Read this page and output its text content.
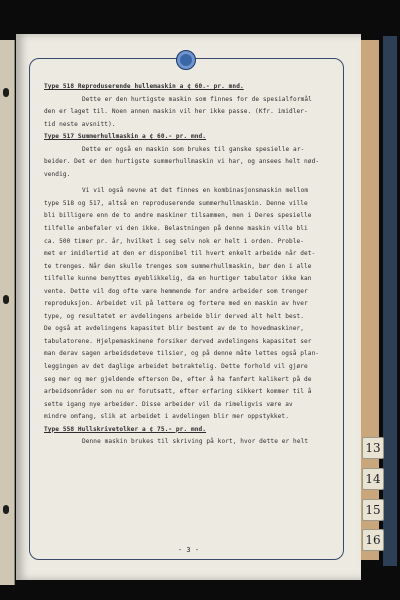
Type 518 Reproduserende hullemaskin a ¢ 60.- pr. mnd.

Dette er den hurtigste maskin som finnes for de spesialformål

den er laget til. Noen annen maskin vil her ikke passe. (Kfr. imidler-

tid neste avsnitt).

Type 517 Summerhullmaskin a ¢ 60.- pr. mnd.

Dette er også en maskin som brukes til ganske spesielle ar-

beider. Det er den hurtigste summerhullmaskin vi har, og ansees helt nød-

vendig.

Vi vil også nevne at det finnes en kombinasjonsmaskin mellom

type 518 og 517, altså en reproduserende summerhullmaskin. Denne ville

bli billigere enn de to andre maskiner tilsammen, men i Deres spesielle

tilfelle anbefaler vi den ikke. Belastningen på denne maskin ville bli

ca. 500 timer pr. år, hvilket i seg selv nok er helt i orden. Proble-

met er imidlertid at den er disponibel til hvert enkelt arbeide når det-

te trenges. Når den skulle trenges som summerhullmaskin, bør den i alle

tilfelle kunne benyttes øyeblikkelig, da en hurtiger tabulator ikke kan

vente. Dette vil dog ofte være hemmende for andre arbeider som trenger

reproduksjon. Arbeidet vil på lettere og fortere med en maskin av hver

type, og resultatet er avdelingens arbeide blir derved alt helt best.

De også at avdelingens kapasitet blir bestemt av de to hovedmaskiner,

tabulatorene. Hjelpemaskinene forsiker derved avdelingens kapasitet ser

man derav sagen arbeidsdeteve tilsier, og på denne måte lettes også plan-

leggingen av det daglige arbeidet betraktelig. Dette forhold vil gjøre

seg mer og mer gjeldende efterson De, efter å ha fanført kalikert på de

arbeidsområder som nu er forutsatt, efter erfaring sikkert kommer til å

sette igang nye arbeider. Disse arbeider vil da rimeligvis være av

mindre omfang, slik at arbeidet i avdelingen blir mer oppstykket.

Type 558 Hullskrivetolker a ¢ 75.- pr. mnd.

Denne maskin brukes til skriving på kort, hvor dette er helt

- 3 -
13
14
15
16
